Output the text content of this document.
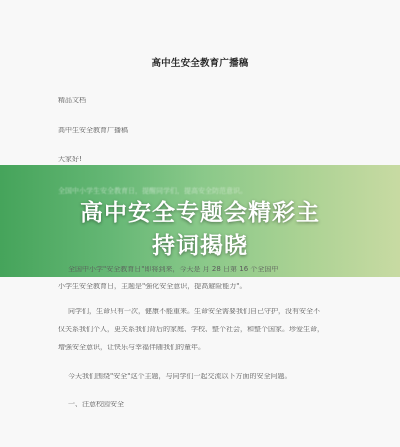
高中生安全教育广播稿
精品文档
高中生安全教育广播稿
大家好!
全国中小学生安全教育日，提醒同学们，提高安全防范意识。
高中安全专题会精彩主
持词揭晓
全国中小学"安全教育日"即将到来，今天是 月 28 日第 16 个全国中
小学生安全教育日，主题是"强化安全意识，提高避险能力"。
同学们，生命只有一次，健康不能重来。生命安全需要我们自己守护，没有安全不
仅关系我们个人，更关系我们背后的家庭、学校、整个社会，和整个国家。珍爱生命，
增强安全意识，让快乐与幸福伴随我们的童年。
今天我们围绕"安全"这个主题，与同学们一起交流以下方面的安全问题。
一、注意校园安全
